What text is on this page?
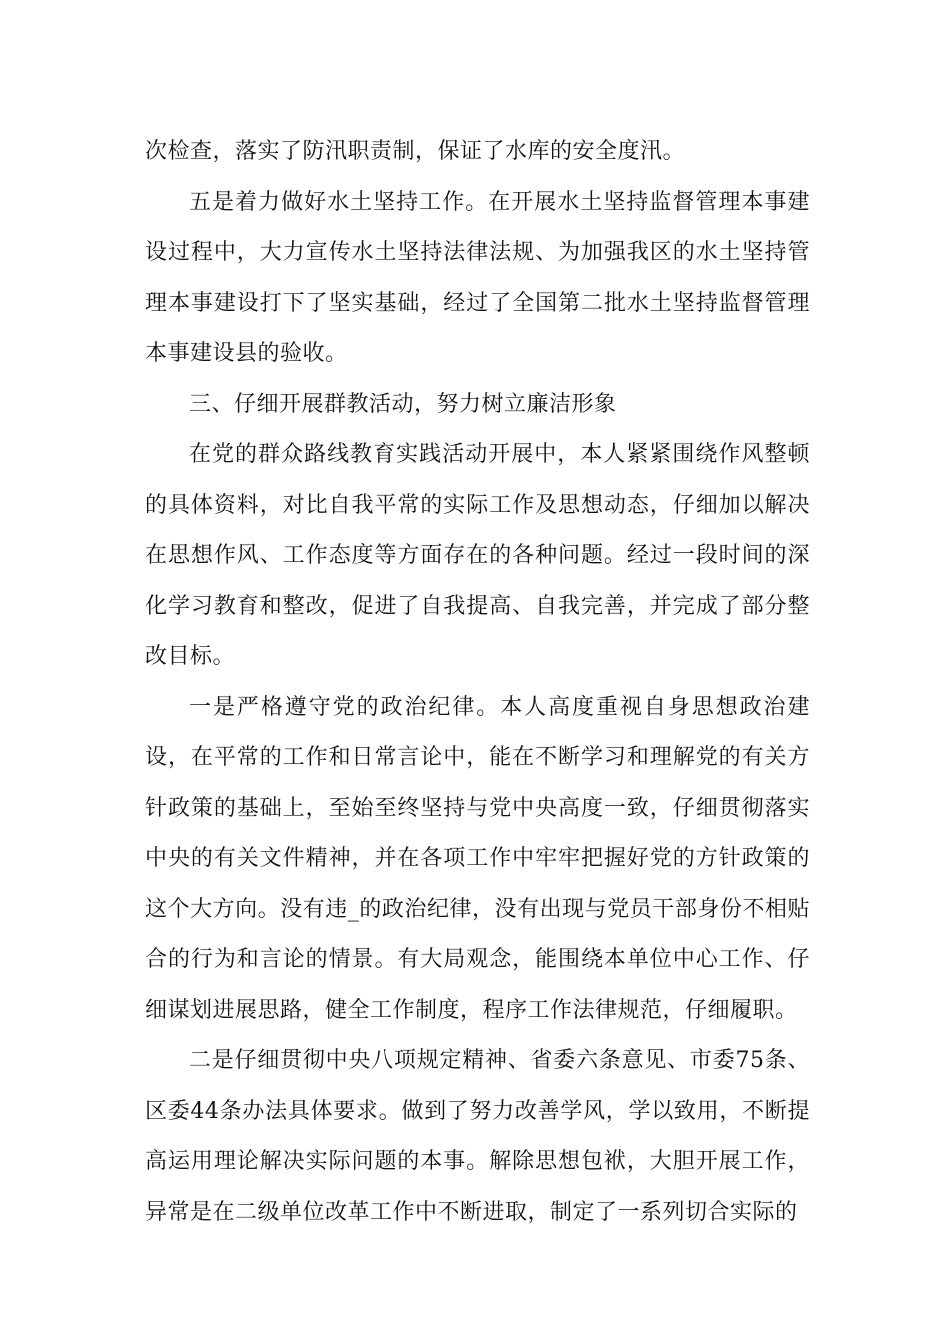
次检查，落实了防汛职责制，保证了水库的安全度汛。

五是着力做好水土坚持工作。在开展水土坚持监督管理本事建设过程中，大力宣传水土坚持法律法规、为加强我区的水土坚持管理本事建设打下了坚实基础，经过了全国第二批水土坚持监督管理本事建设县的验收。

三、仔细开展群教活动，努力树立廉洁形象

在党的群众路线教育实践活动开展中，本人紧紧围绕作风整顿的具体资料，对比自我平常的实际工作及思想动态，仔细加以解决在思想作风、工作态度等方面存在的各种问题。经过一段时间的深化学习教育和整改，促进了自我提高、自我完善，并完成了部分整改目标。

一是严格遵守党的政治纪律。本人高度重视自身思想政治建设，在平常的工作和日常言论中，能在不断学习和理解党的有关方针政策的基础上，至始至终坚持与党中央高度一致，仔细贯彻落实中央的有关文件精神，并在各项工作中牢牢把握好党的方针政策的这个大方向。没有违_的政治纪律，没有出现与党员干部身份不相贴合的行为和言论的情景。有大局观念，能围绕本单位中心工作、仔细谋划进展思路，健全工作制度，程序工作法律规范，仔细履职。

二是仔细贯彻中央八项规定精神、省委六条意见、市委75条、区委44条办法具体要求。做到了努力改善学风，学以致用，不断提高运用理论解决实际问题的本事。解除思想包袱，大胆开展工作，异常是在二级单位改革工作中不断进取，制定了一系列切合实际的
